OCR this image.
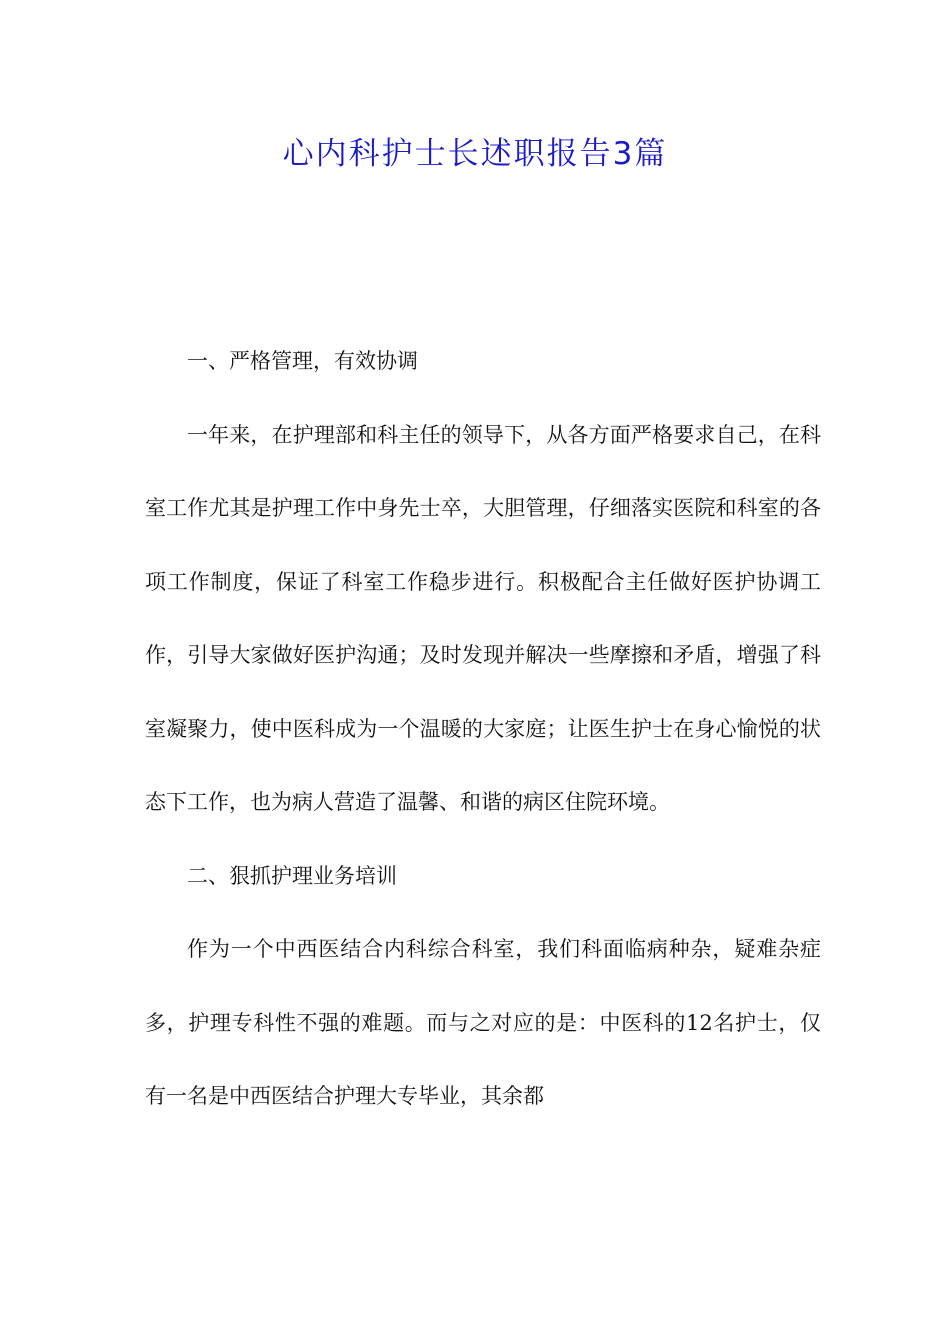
心内科护士长述职报告3篇

一、严格管理，有效协调

一年来，在护理部和科主任的领导下，从各方面严格要求自己，在科室工作尤其是护理工作中身先士卒，大胆管理，仔细落实医院和科室的各项工作制度，保证了科室工作稳步进行。积极配合主任做好医护协调工作，引导大家做好医护沟通；及时发现并解决一些摩擦和矛盾，增强了科室凝聚力，使中医科成为一个温暖的大家庭；让医生护士在身心愉悦的状态下工作，也为病人营造了温馨、和谐的病区住院环境。

二、狠抓护理业务培训

作为一个中西医结合内科综合科室，我们科面临病种杂，疑难杂症多，护理专科性不强的难题。而与之对应的是：中医科的12名护士，仅有一名是中西医结合护理大专毕业，其余都
